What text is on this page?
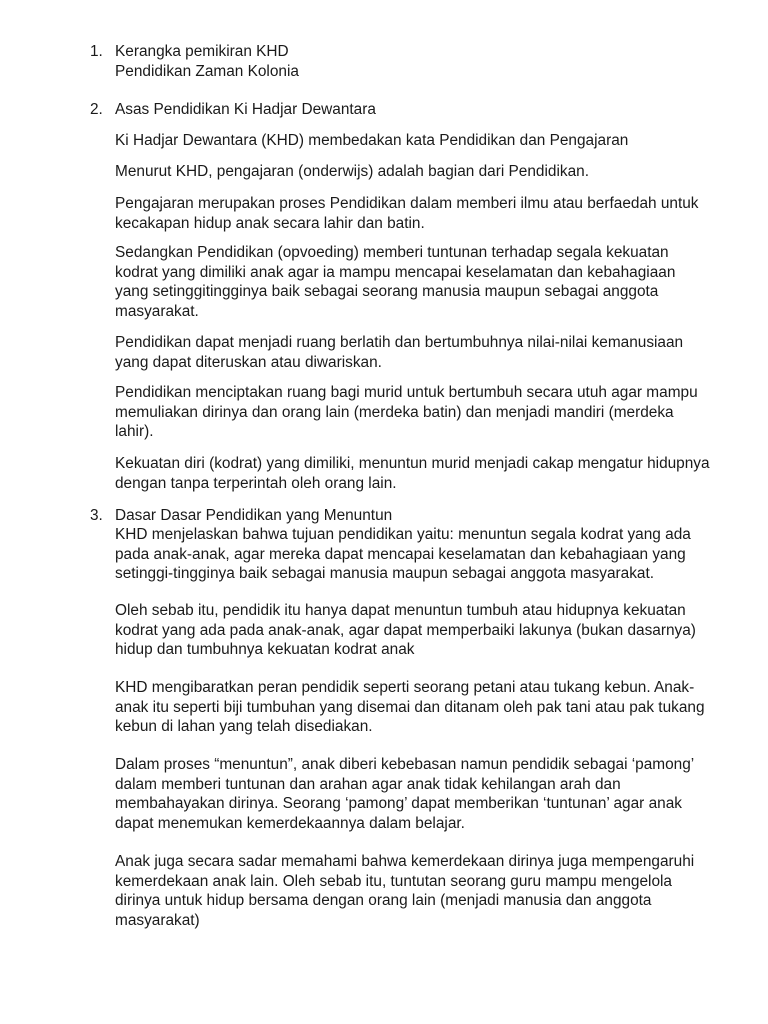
1. Kerangka pemikiran KHD
Pendidikan Zaman Kolonia
2. Asas Pendidikan Ki Hadjar Dewantara
Ki Hadjar Dewantara (KHD) membedakan kata Pendidikan dan Pengajaran
Menurut KHD, pengajaran (onderwijs) adalah bagian dari Pendidikan.
Pengajaran merupakan proses Pendidikan dalam memberi ilmu atau berfaedah untuk
kecakapan hidup anak secara lahir dan batin.
Sedangkan Pendidikan (opvoeding) memberi tuntunan terhadap segala kekuatan
kodrat yang dimiliki anak agar ia mampu mencapai keselamatan dan kebahagiaan
yang setinggitingginya baik sebagai seorang manusia maupun sebagai anggota
masyarakat.
Pendidikan dapat menjadi ruang berlatih dan bertumbuhnya nilai-nilai kemanusiaan
yang dapat diteruskan atau diwariskan.
Pendidikan menciptakan ruang bagi murid untuk bertumbuh secara utuh agar mampu
memuliakan dirinya dan orang lain (merdeka batin) dan menjadi mandiri (merdeka
lahir).
Kekuatan diri (kodrat) yang dimiliki, menuntun murid menjadi cakap mengatur hidupnya
dengan tanpa terperintah oleh orang lain.
3. Dasar Dasar Pendidikan yang Menuntun
KHD menjelaskan bahwa tujuan pendidikan yaitu: menuntun segala kodrat yang ada
pada anak-anak, agar mereka dapat mencapai keselamatan dan kebahagiaan yang
setinggi-tingginya baik sebagai manusia maupun sebagai anggota masyarakat.
Oleh sebab itu, pendidik itu hanya dapat menuntun tumbuh atau hidupnya kekuatan
kodrat yang ada pada anak-anak, agar dapat memperbaiki lakunya (bukan dasarnya)
hidup dan tumbuhnya kekuatan kodrat anak
KHD mengibaratkan peran pendidik seperti seorang petani atau tukang kebun. Anak-
anak itu seperti biji tumbuhan yang disemai dan ditanam oleh pak tani atau pak tukang
kebun di lahan yang telah disediakan.
Dalam proses “menuntun”, anak diberi kebebasan namun pendidik sebagai ‘pamong’
dalam memberi tuntunan dan arahan agar anak tidak kehilangan arah dan
membahayakan dirinya. Seorang ‘pamong’ dapat memberikan ‘tuntunan’ agar anak
dapat menemukan kemerdekaannya dalam belajar.
Anak juga secara sadar memahami bahwa kemerdekaan dirinya juga mempengaruhi
kemerdekaan anak lain. Oleh sebab itu, tuntutan seorang guru mampu mengelola
dirinya untuk hidup bersama dengan orang lain (menjadi manusia dan anggota
masyarakat)
